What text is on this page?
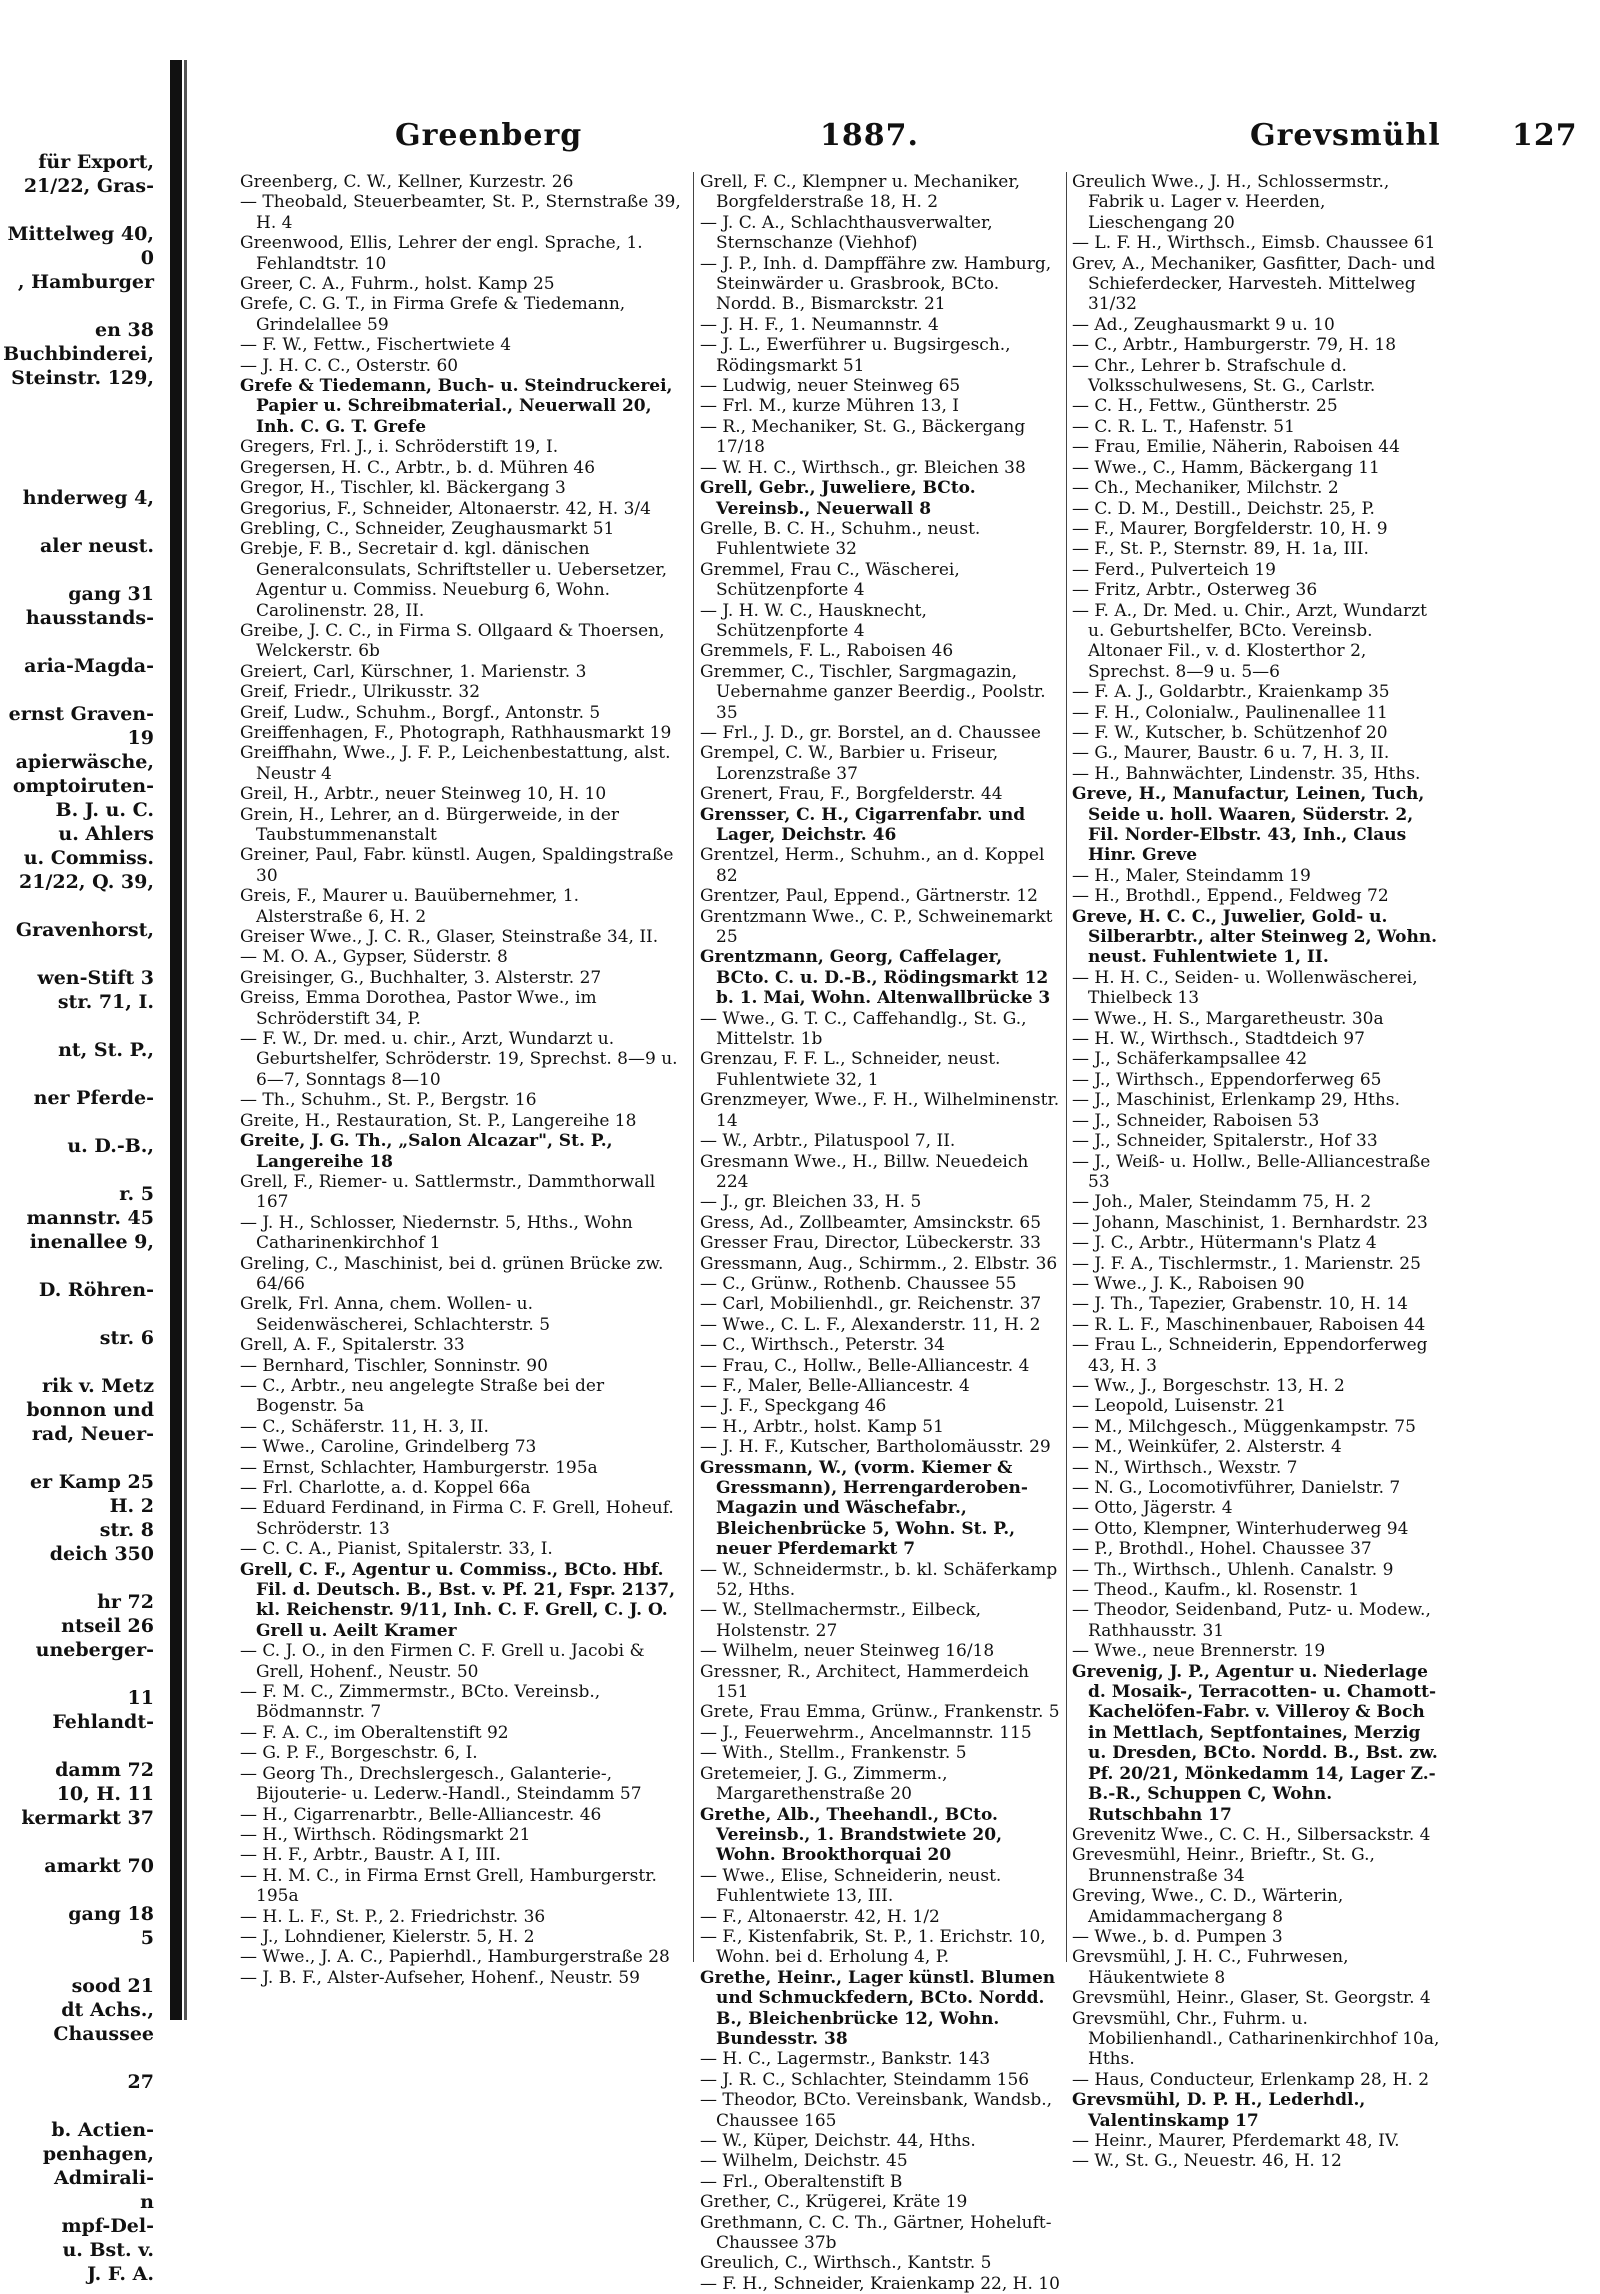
für Export,
21/22, Gras-
Mittelweg 40,
0
, Hamburger
en 38
Buchbinderei,
Steinstr. 129,
hnderweg 4,
aler neust.
gang 31
hausstands-
aria-Magda-
ernst Graven-
19
apierwäsche,
omptoiruten-
B. J. u. C.
u. Ahlers
u. Commiss.
21/22, Q. 39,
Gravenhorst,
wen-Stift 3
str. 71, I.
nt, St. P.,
ner Pferde-
u. D.-B.,
r. 5
mannstr. 45
inenallee 9,
D. Röhren-
str. 6
rik v. Metz
bonnon und
rad, Neuer-
er Kamp 25
H. 2
str. 8
deich 350
hr 72
ntseil 26
uneberger-
11
Fehlandt-
damm 72
10, H. 11
kermarkt 37
amarkt 70
gang 18
5
sood 21
dt Achs.,
Chaussee
27
b. Actien-
penhagen,
Admirali-
n
mpf-Del-
u. Bst. v.
J. F. A.
Greenberg	1887.	Grevsmühl 127

Greenberg, C. W., Kellner, Kurzestr. 26

— Theobald, Steuerbeamter, St. P., Sternstraße 39, H. 4

Greenwood, Ellis, Lehrer der engl. Sprache, 1. Fehlandtstr. 10

Greer, C. A., Fuhrm., holst. Kamp 25

Grefe, C. G. T., in Firma Grefe & Tiedemann, Grindelallee 59

— F. W., Fettw., Fischertwiete 4

— J. H. C. C., Osterstr. 60

Grefe & Tiedemann, Buch- u. Steindruckerei, Papier u. Schreibmaterial., Neuerwall 20, Inh. C. G. T. Grefe

Gregers, Frl. J., i. Schröderstift 19, I.

Gregersen, H. C., Arbtr., b. d. Mühren 46

Gregor, H., Tischler, kl. Bäckergang 3

Gregorius, F., Schneider, Altonaerstr. 42, H. 3/4

Grebling, C., Schneider, Zeughausmarkt 51

Grebje, F. B., Secretair d. kgl. dänischen Generalconsulats, Schriftsteller u. Uebersetzer, Agentur u. Commiss. Neueburg 6, Wohn. Carolinenstr. 28, II.

Greibe, J. C. C., in Firma S. Ollgaard & Thoersen, Welckerstr. 6b

Greiert, Carl, Kürschner, 1. Marienstr. 3

Greif, Friedr., Ulrikusstr. 32

Greif, Ludw., Schuhm., Borgf., Antonstr. 5

Greiffenhagen, F., Photograph, Rathhausmarkt 19

Greiffhahn, Wwe., J. F. P., Leichenbestattung, alst. Neustr 4

Greil, H., Arbtr., neuer Steinweg 10, H. 10

Grein, H., Lehrer, an d. Bürgerweide, in der Taubstummenanstalt

Greiner, Paul, Fabr. künstl. Augen, Spaldingstraße 30

Greis, F., Maurer u. Bauübernehmer, 1. Alsterstraße 6, H. 2

Greiser Wwe., J. C. R., Glaser, Steinstraße 34, II.

— M. O. A., Gypser, Süderstr. 8

Greisinger, G., Buchhalter, 3. Alsterstr. 27

Greiss, Emma Dorothea, Pastor Wwe., im Schröderstift 34, P.

— F. W., Dr. med. u. chir., Arzt, Wundarzt u. Geburtshelfer, Schröderstr. 19, Sprechst. 8—9 u. 6—7, Sonntags 8—10

— Th., Schuhm., St. P., Bergstr. 16

Greite, H., Restauration, St. P., Langereihe 18

Greite, J. G. Th., „Salon Alcazar", St. P., Langereihe 18

Grell, F., Riemer- u. Sattlermstr., Dammthorwall 167

— J. H., Schlosser, Niedernstr. 5, Hths., Wohn Catharinenkirchhof 1

Greling, C., Maschinist, bei d. grünen Brücke zw. 64/66

Grelk, Frl. Anna, chem. Wollen- u. Seidenwäscherei, Schlachterstr. 5

Grell, A. F., Spitalerstr. 33

— Bernhard, Tischler, Sonninstr. 90

— C., Arbtr., neu angelegte Straße bei der Bogenstr. 5a

— C., Schäferstr. 11, H. 3, II.

— Wwe., Caroline, Grindelberg 73

— Ernst, Schlachter, Hamburgerstr. 195a

— Frl. Charlotte, a. d. Koppel 66a

— Eduard Ferdinand, in Firma C. F. Grell, Hoheuf. Schröderstr. 13

— C. C. A., Pianist, Spitalerstr. 33, I.

Grell, C. F., Agentur u. Commiss., BCto. Hbf. Fil. d. Deutsch. B., Bst. v. Pf. 21, Fspr. 2137, kl. Reichenstr. 9/11, Inh. C. F. Grell, C. J. O. Grell u. Aeilt Kramer

— C. J. O., in den Firmen C. F. Grell u. Jacobi & Grell, Hohenf., Neustr. 50

— F. M. C., Zimmermstr., BCto. Vereinsb., Bödmannstr. 7

— F. A. C., im Oberaltenstift 92

— G. P. F., Borgeschstr. 6, I.

— Georg Th., Drechslergesch., Galanterie-, Bijouterie- u. Lederw.-Handl., Steindamm 57

— H., Cigarrenarbtr., Belle-Alliancestr. 46

— H., Wirthsch. Rödingsmarkt 21

— H. F., Arbtr., Baustr. A I, III.

— H. M. C., in Firma Ernst Grell, Hamburgerstr. 195a

— H. L. F., St. P., 2. Friedrichstr. 36

— J., Lohndiener, Kielerstr. 5, H. 2

— Wwe., J. A. C., Papierhdl., Hamburgerstraße 28

— J. B. F., Alster-Aufseher, Hohenf., Neustr. 59

Grell, F. C., Klempner u. Mechaniker, Borgfelderstraße 18, H. 2

— J. C. A., Schlachthausverwalter, Sternschanze (Viehhof)

— J. P., Inh. d. Dampffähre zw. Hamburg, Steinwärder u. Grasbrook, BCto. Nordd. B., Bismarckstr. 21

— J. H. F., 1. Neumannstr. 4

— J. L., Ewerführer u. Bugsirgesch., Rödingsmarkt 51

— Ludwig, neuer Steinweg 65

— Frl. M., kurze Mühren 13, I

— R., Mechaniker, St. G., Bäckergang 17/18

— W. H. C., Wirthsch., gr. Bleichen 38

Grell, Gebr., Juweliere, BCto. Vereinsb., Neuerwall 8

Grelle, B. C. H., Schuhm., neust. Fuhlentwiete 32

Gremmel, Frau C., Wäscherei, Schützenpforte 4

— J. H. W. C., Hausknecht, Schützenpforte 4

Gremmels, F. L., Raboisen 46

Gremmer, C., Tischler, Sargmagazin, Uebernahme ganzer Beerdig., Poolstr. 35

— Frl., J. D., gr. Borstel, an d. Chaussee

Grempel, C. W., Barbier u. Friseur, Lorenzstraße 37

Grenert, Frau, F., Borgfelderstr. 44

Grensser, C. H., Cigarrenfabr. und Lager, Deichstr. 46

Grentzel, Herm., Schuhm., an d. Koppel 82

Grentzer, Paul, Eppend., Gärtnerstr. 12

Grentzmann Wwe., C. P., Schweinemarkt 25

Grentzmann, Georg, Caffelager, BCto. C. u. D.-B., Rödingsmarkt 12 b. 1. Mai, Wohn. Altenwallbrücke 3

— Wwe., G. T. C., Caffehandlg., St. G., Mittelstr. 1b

Grenzau, F. F. L., Schneider, neust. Fuhlentwiete 32, 1

Grenzmeyer, Wwe., F. H., Wilhelminenstr. 14

— W., Arbtr., Pilatuspool 7, II.

Gresmann Wwe., H., Billw. Neuedeich 224

— J., gr. Bleichen 33, H. 5

Gress, Ad., Zollbeamter, Amsinckstr. 65

Gresser Frau, Director, Lübeckerstr. 33

Gressmann, Aug., Schirmm., 2. Elbstr. 36

— C., Grünw., Rothenb. Chaussee 55

— Carl, Mobilienhdl., gr. Reichenstr. 37

— Wwe., C. L. F., Alexanderstr. 11, H. 2

— C., Wirthsch., Peterstr. 34

— Frau, C., Hollw., Belle-Alliancestr. 4

— F., Maler, Belle-Alliancestr. 4

— J. F., Speckgang 46

— H., Arbtr., holst. Kamp 51

— J. H. F., Kutscher, Bartholomäusstr. 29

Gressmann, W., (vorm. Kiemer & Gressmann), Herrengarderoben-Magazin und Wäschefabr., Bleichenbrücke 5, Wohn. St. P., neuer Pferdemarkt 7

— W., Schneidermstr., b. kl. Schäferkamp 52, Hths.

— W., Stellmachermstr., Eilbeck, Holstenstr. 27

— Wilhelm, neuer Steinweg 16/18

Gressner, R., Architect, Hammerdeich 151

Grete, Frau Emma, Grünw., Frankenstr. 5

— J., Feuerwehrm., Ancelmannstr. 115

— With., Stellm., Frankenstr. 5

Gretemeier, J. G., Zimmerm., Margarethenstraße 20

Grethe, Alb., Theehandl., BCto. Vereinsb., 1. Brandstwiete 20, Wohn. Brookthorquai 20

— Wwe., Elise, Schneiderin, neust. Fuhlentwiete 13, III.

— F., Altonaerstr. 42, H. 1/2

— F., Kistenfabrik, St. P., 1. Erichstr. 10, Wohn. bei d. Erholung 4, P.

Grethe, Heinr., Lager künstl. Blumen und Schmuckfedern, BCto. Nordd. B., Bleichenbrücke 12, Wohn. Bundesstr. 38

— H. C., Lagermstr., Bankstr. 143

— J. R. C., Schlachter, Steindamm 156

— Theodor, BCto. Vereinsbank, Wandsb., Chaussee 165

— W., Küper, Deichstr. 44, Hths.

— Wilhelm, Deichstr. 45

— Frl., Oberaltenstift B

Grether, C., Krügerei, Kräte 19

Grethmann, C. C. Th., Gärtner, Hoheluft-Chaussee 37b

Greulich, C., Wirthsch., Kantstr. 5

— F. H., Schneider, Kraienkamp 22, H. 10

Greulich Wwe., J. H., Schlossermstr., Fabrik u. Lager v. Heerden, Lieschengang 20

— L. F. H., Wirthsch., Eimsb. Chaussee 61

Grev, A., Mechaniker, Gasfitter, Dach- und Schieferdecker, Harvesteh. Mittelweg 31/32

— Ad., Zeughausmarkt 9 u. 10

— C., Arbtr., Hamburgerstr. 79, H. 18

— Chr., Lehrer b. Strafschule d. Volksschulwesens, St. G., Carlstr.

— C. H., Fettw., Güntherstr. 25

— C. R. L. T., Hafenstr. 51

— Frau, Emilie, Näherin, Raboisen 44

— Wwe., C., Hamm, Bäckergang 11

— Ch., Mechaniker, Milchstr. 2

— C. D. M., Destill., Deichstr. 25, P.

— F., Maurer, Borgfelderstr. 10, H. 9

— F., St. P., Sternstr. 89, H. 1a, III.

— Ferd., Pulverteich 19

— Fritz, Arbtr., Osterweg 36

— F. A., Dr. Med. u. Chir., Arzt, Wundarzt u. Geburtshelfer, BCto. Vereinsb. Altonaer Fil., v. d. Klosterthor 2, Sprechst. 8—9 u. 5—6

— F. A. J., Goldarbtr., Kraienkamp 35

— F. H., Colonialw., Paulinenallee 11

— F. W., Kutscher, b. Schützenhof 20

— G., Maurer, Baustr. 6 u. 7, H. 3, II.

— H., Bahnwächter, Lindenstr. 35, Hths.

Greve, H., Manufactur, Leinen, Tuch, Seide u. holl. Waaren, Süderstr. 2, Fil. Norder-Elbstr. 43, Inh., Claus Hinr. Greve

— H., Maler, Steindamm 19

— H., Brothdl., Eppend., Feldweg 72

Greve, H. C. C., Juwelier, Gold- u. Silberarbtr., alter Steinweg 2, Wohn. neust. Fuhlentwiete 1, II.

— H. H. C., Seiden- u. Wollenwäscherei, Thielbeck 13

— Wwe., H. S., Margaretheustr. 30a

— H. W., Wirthsch., Stadtdeich 97

— J., Schäferkampsallee 42

— J., Wirthsch., Eppendorferweg 65

— J., Maschinist, Erlenkamp 29, Hths.

— J., Schneider, Raboisen 53

— J., Schneider, Spitalerstr., Hof 33

— J., Weiß- u. Hollw., Belle-Alliancestraße 53

— Joh., Maler, Steindamm 75, H. 2

— Johann, Maschinist, 1. Bernhardstr. 23

— J. C., Arbtr., Hütermann's Platz 4

— J. F. A., Tischlermstr., 1. Marienstr. 25

— Wwe., J. K., Raboisen 90

— J. Th., Tapezier, Grabenstr. 10, H. 14

— R. L. F., Maschinenbauer, Raboisen 44

— Frau L., Schneiderin, Eppendorferweg 43, H. 3

— Ww., J., Borgeschstr. 13, H. 2

— Leopold, Luisenstr. 21

— M., Milchgesch., Müggenkampstr. 75

— M., Weinküfer, 2. Alsterstr. 4

— N., Wirthsch., Wexstr. 7

— N. G., Locomotivführer, Danielstr. 7

— Otto, Jägerstr. 4

— Otto, Klempner, Winterhuderweg 94

— P., Brothdl., Hohel. Chaussee 37

— Th., Wirthsch., Uhlenh. Canalstr. 9

— Theod., Kaufm., kl. Rosenstr. 1

— Theodor, Seidenband, Putz- u. Modew., Rathhausstr. 31

— Wwe., neue Brennerstr. 19

Grevenig, J. P., Agentur u. Niederlage d. Mosaik-, Terracotten- u. Chamott-Kachelöfen-Fabr. v. Villeroy & Boch in Mettlach, Septfontaines, Merzig u. Dresden, BCto. Nordd. B., Bst. zw. Pf. 20/21, Mönkedamm 14, Lager Z.-B.-R., Schuppen C, Wohn. Rutschbahn 17

Grevenitz Wwe., C. C. H., Silbersackstr. 4

Grevesmühl, Heinr., Brieftr., St. G., Brunnenstraße 34

Greving, Wwe., C. D., Wärterin, Amidammachergang 8

— Wwe., b. d. Pumpen 3

Grevsmühl, J. H. C., Fuhrwesen, Häukentwiete 8

Grevsmühl, Heinr., Glaser, St. Georgstr. 4

Grevsmühl, Chr., Fuhrm. u. Mobilienhandl., Catharinenkirchhof 10a, Hths.

— Haus, Conducteur, Erlenkamp 28, H. 2

Grevsmühl, D. P. H., Lederhdl., Valentinskamp 17

— Heinr., Maurer, Pferdemarkt 48, IV.

— W., St. G., Neuestr. 46, H. 12
